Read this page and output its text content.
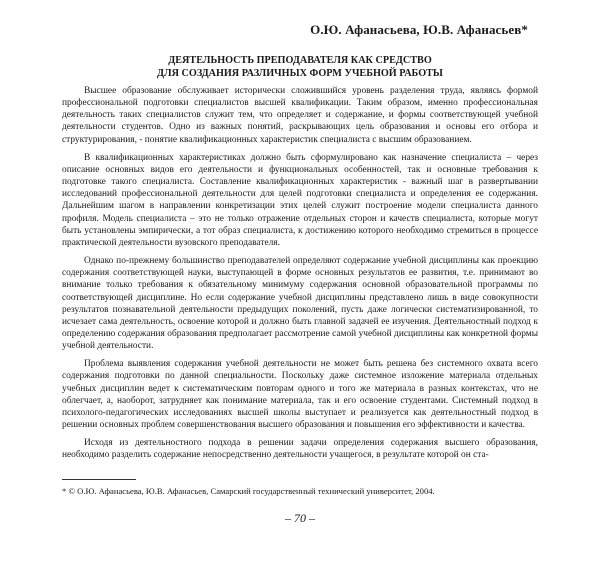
О.Ю. Афанасьева, Ю.В. Афанасьев*
ДЕЯТЕЛЬНОСТЬ ПРЕПОДАВАТЕЛЯ КАК СРЕДСТВО
ДЛЯ СОЗДАНИЯ РАЗЛИЧНЫХ ФОРМ УЧЕБНОЙ РАБОТЫ

Высшее образование обслуживает исторически сложившийся уровень разделения труда, являясь формой профессиональной подготовки специалистов высшей квалификации. Таким образом, именно профессиональная деятельность таких специалистов служит тем, что определяет и содержание, и формы соответствующей учебной деятельности студентов. Одно из важных понятий, раскрывающих цель образования и основы его отбора и структурирования, - понятие квалификационных характеристик специалиста с высшим образованием.

В квалификационных характеристиках должно быть сформулировано как назначение специалиста – через описание основных видов его деятельности и функциональных особенностей, так и основные требования к подготовке такого специалиста. Составление квалификационных характеристик - важный шаг в развертывании исследований профессиональной деятельности для целей подготовки специалиста и определения ее содержания. Дальнейшим шагом в направлении конкретизации этих целей служит построение модели специалиста данного профиля. Модель специалиста – это не только отражение отдельных сторон и качеств специалиста, которые могут быть установлены эмпирически, а тот образ специалиста, к достижению которого необходимо стремиться в процессе практической деятельности вузовского преподавателя.

Однако по-прежнему большинство преподавателей определяют содержание учебной дисциплины как проекцию содержания соответствующей науки, выступающей в форме основных результатов ее развития, т.е. принимают во внимание только требования к обязательному минимуму содержания основной образовательной программы по соответствующей дисциплине. Но если содержание учебной дисциплины представлено лишь в виде совокупности результатов познавательной деятельности предыдущих поколений, пусть даже логически систематизированной, то исчезает сама деятельность, освоение которой и должно быть главной задачей ее изучения. Деятельностный подход к определению содержания образования предполагает рассмотрение самой учебной дисциплины как конкретной формы учебной деятельности.

Проблема выявления содержания учебной деятельности не может быть решена без системного охвата всего содержания подготовки по данной специальности. Поскольку даже системное изложение материала отдельных учебных дисциплин ведет к систематическим повторам одного и того же материала в разных контекстах, что не облегчает, а, наоборот, затрудняет как понимание материала, так и его освоение студентами. Системный подход в психолого-педагогических исследованиях высшей школы выступает и реализуется как деятельностный подход в решении основных проблем совершенствования высшего образования и повышения его эффективности и качества.

Исходя из деятельностного подхода в решении задачи определения содержания высшего образования, необходимо разделить содержание непосредственно деятельности учащегося, в результате которой он ста-

* © О.Ю. Афанасьева, Ю.В. Афанасьев, Самарский государственный технический университет, 2004.
– 70 –
